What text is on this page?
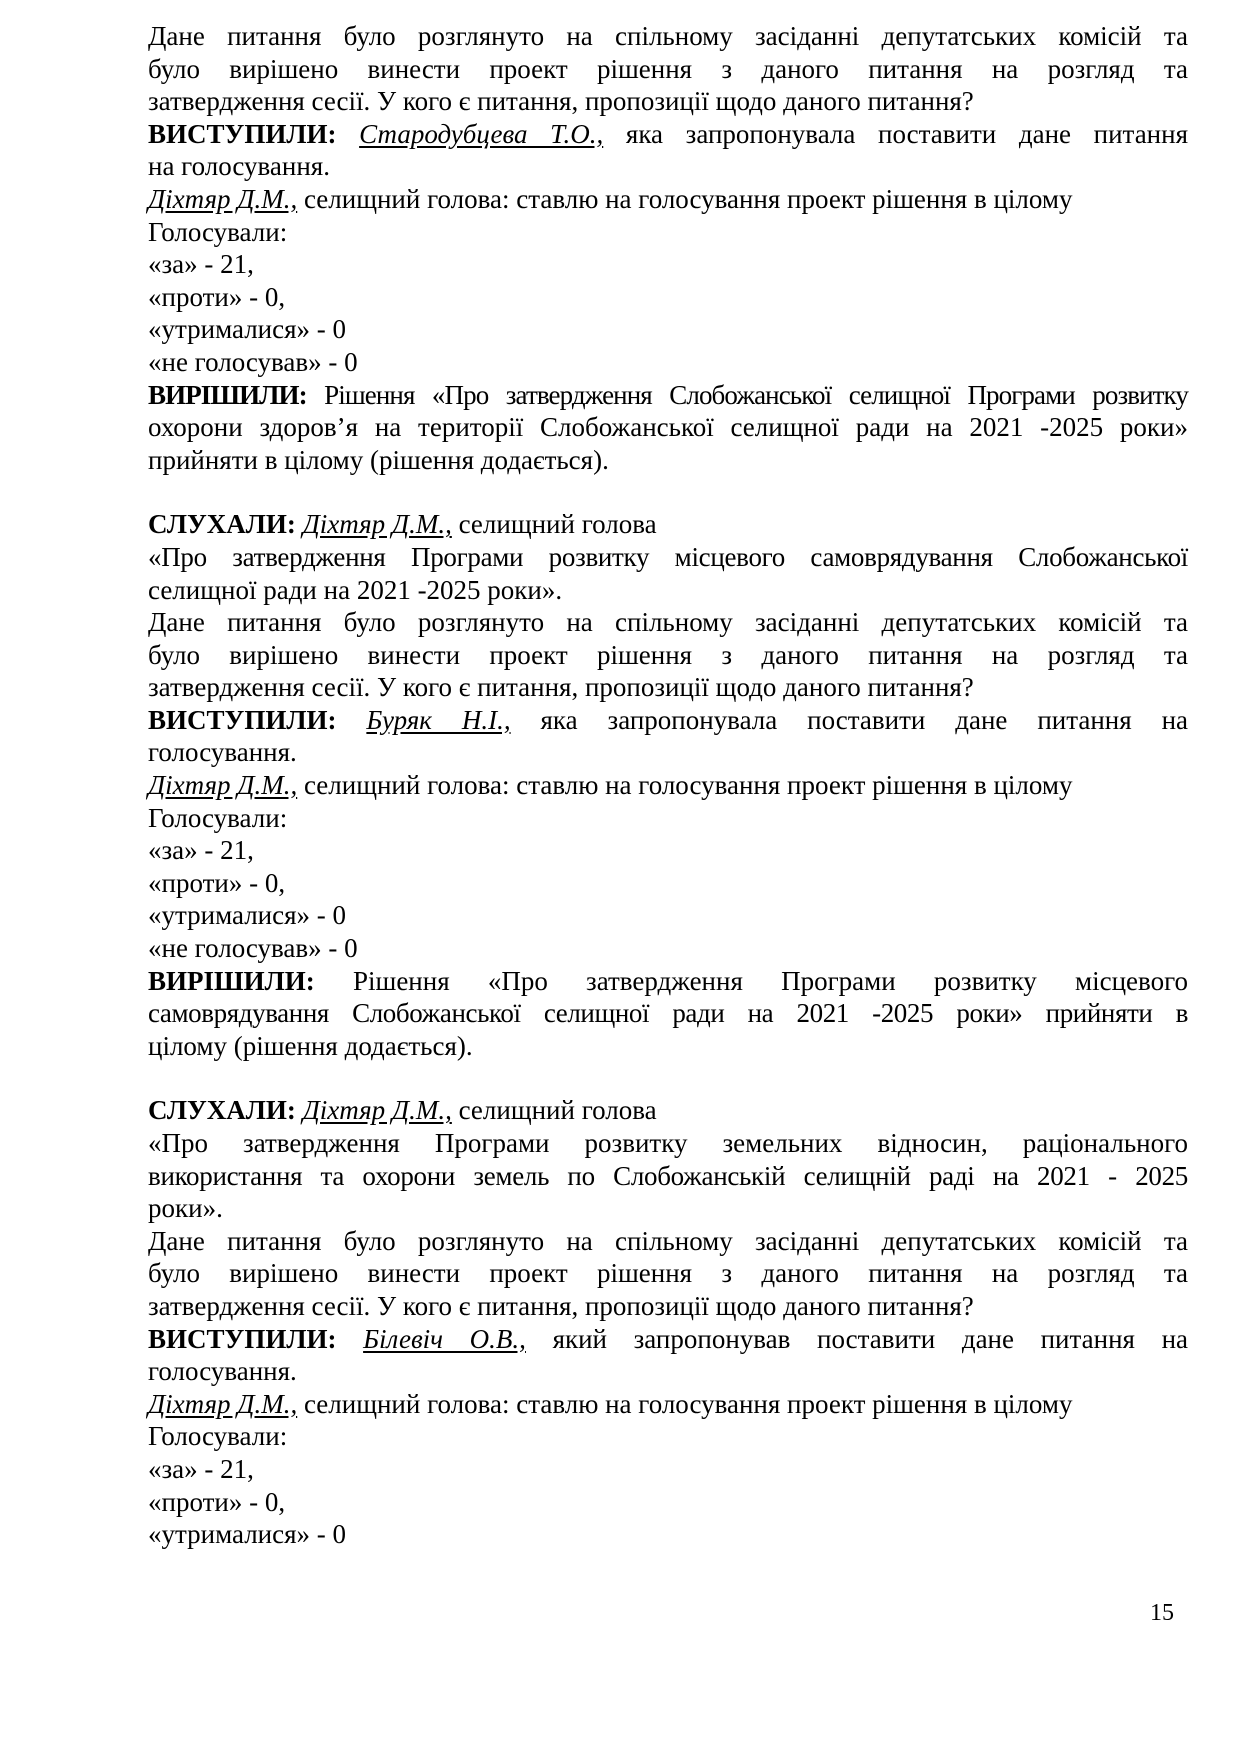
Дане питання було розглянуто на спільному засіданні депутатських комісій та

було вирішено винести проект рішення з даного питання на розгляд та

затвердження сесії. У кого є питання, пропозиції щодо даного питання?

ВИСТУПИЛИ: Стародубцева Т.О., яка запропонувала поставити дане питання

на голосування.

Діхтяр Д.М., селищний голова: ставлю на голосування проект рішення в цілому

Голосували:

«за» - 21,

«проти» - 0,

«утрималися» - 0

«не голосував» - 0

ВИРІШИЛИ: Рішення «Про затвердження Слобожанської селищної Програми розвитку

охорони здоров’я на території Слобожанської селищної ради на 2021 -2025 роки»

прийняти в цілому (рішення додається).

СЛУХАЛИ: Діхтяр Д.М., селищний голова

«Про затвердження Програми розвитку місцевого самоврядування Слобожанської

селищної ради на 2021 -2025 роки».

Дане питання було розглянуто на спільному засіданні депутатських комісій та

було вирішено винести проект рішення з даного питання на розгляд та

затвердження сесії. У кого є питання, пропозиції щодо даного питання?

ВИСТУПИЛИ: Буряк Н.І., яка запропонувала поставити дане питання на

голосування.

Діхтяр Д.М., селищний голова: ставлю на голосування проект рішення в цілому

Голосували:

«за» - 21,

«проти» - 0,

«утрималися» - 0

«не голосував» - 0

ВИРІШИЛИ: Рішення «Про затвердження Програми розвитку місцевого

самоврядування Слобожанської селищної ради на 2021 -2025 роки» прийняти в

цілому (рішення додається).

СЛУХАЛИ: Діхтяр Д.М., селищний голова

«Про затвердження Програми розвитку земельних відносин, раціонального

використання та охорони земель по Слобожанській селищній раді на 2021 - 2025

роки».

Дане питання було розглянуто на спільному засіданні депутатських комісій та

було вирішено винести проект рішення з даного питання на розгляд та

затвердження сесії. У кого є питання, пропозиції щодо даного питання?

ВИСТУПИЛИ: Білевіч О.В., який запропонував поставити дане питання на

голосування.

Діхтяр Д.М., селищний голова: ставлю на голосування проект рішення в цілому

Голосували:

«за» - 21,

«проти» - 0,

«утрималися» - 0

15
